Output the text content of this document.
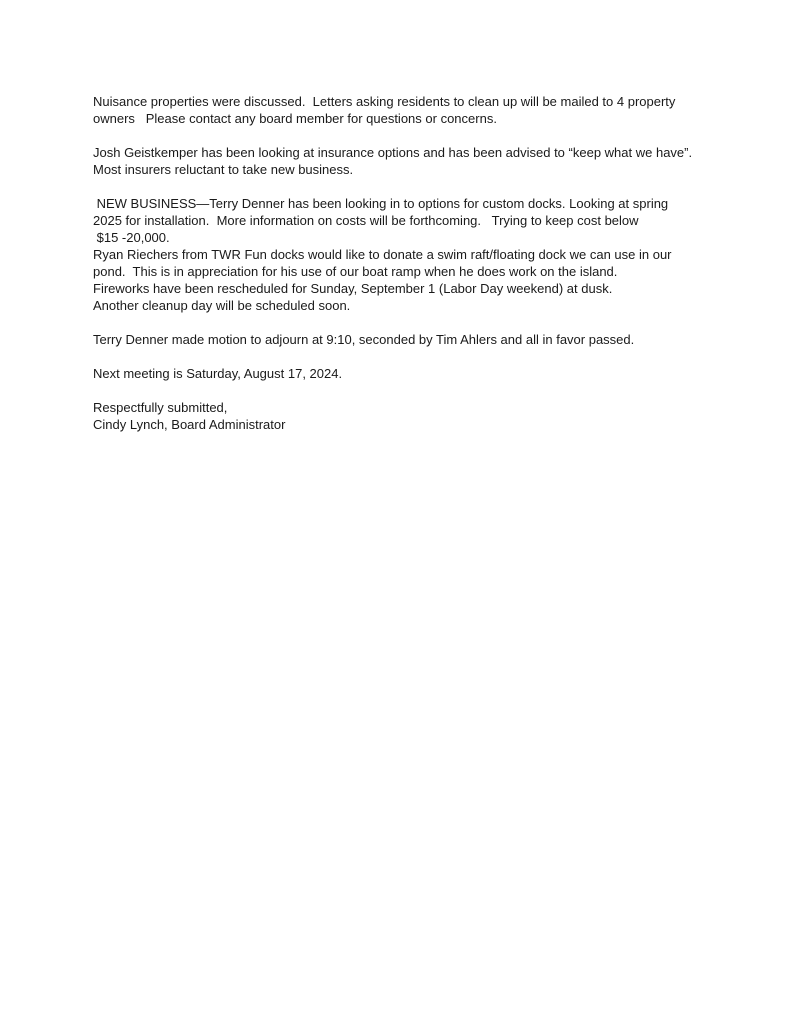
Nuisance properties were discussed.  Letters asking residents to clean up will be mailed to 4 property
owners   Please contact any board member for questions or concerns.

Josh Geistkemper has been looking at insurance options and has been advised to “keep what we have”.
Most insurers reluctant to take new business.

NEW BUSINESS—Terry Denner has been looking in to options for custom docks. Looking at spring
2025 for installation.  More information on costs will be forthcoming.   Trying to keep cost below
$15 -20,000.
Ryan Riechers from TWR Fun docks would like to donate a swim raft/floating dock we can use in our
pond.  This is in appreciation for his use of our boat ramp when he does work on the island.
Fireworks have been rescheduled for Sunday, September 1 (Labor Day weekend) at dusk.
Another cleanup day will be scheduled soon.

Terry Denner made motion to adjourn at 9:10, seconded by Tim Ahlers and all in favor passed.

Next meeting is Saturday, August 17, 2024.

Respectfully submitted,
Cindy Lynch, Board Administrator
